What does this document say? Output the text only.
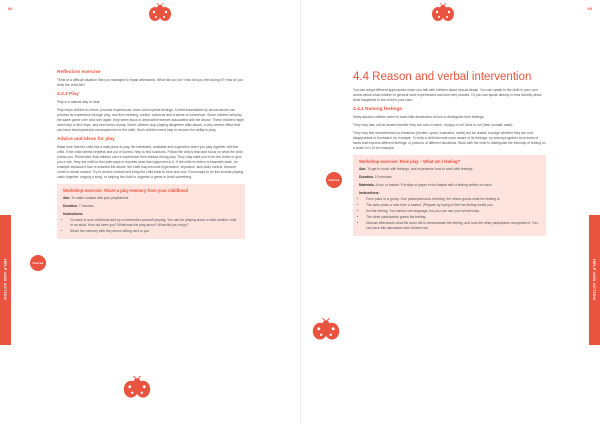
66
HELP AND ACTION	Exercise
Reflection exercise

Think of a difficult situation that you managed to repair afterwards. What did you do? How did you feel during it? How do you think the child felt?

4.3.3 Play

Play is a natural way to heal.

Play helps children to thrive, process experiences, learn and express feelings. A child traumatised by sexual abuse can process its experience through play, and find meaning, control, solutions and a sense of coherence. Some children will play the same game over and over again: they seem stuck in destructive themes associated with the abuse. These children might need help to find hope, and new forms of play. Some children stop playing altogether after abuse, a very severe effect that can have developmental consequences for the child. Such children need help to recover the ability to play.

Advice and ideas for play

Make sure that the child has a safe place to play. Be interested, available and supportive when you play together with the child. If the child seems helpless and out of control, help to find solutions. Follow the child's lead and focus on what the child shows you. Remember that children can re-experience their trauma during play. They may want you to be the victim or give you a role. Help the child to find safe ways to express what has happened to it. If the child re-enters a traumatic state, for example because it has re-enacted the abuse, the child may become hyperactive, impulsive, lack body control, become numb or break contact. Try to restore contact and bring the child back to here and now. Good ways to do this include playing catch together, singing a song, or helping the child to organise a game or build something.

Workshop exercise: Share a play-memory from your childhood

Aim. To make contact with your playfulness.

Duration. 7 minutes.

Instructions.

• Go back to your childhood and try to remember yourself playing. You can be playing alone or with another child or an adult. How old were you? What was the play about? What did you enjoy?
• Share the memory with the person sitting next to you.
69
HELP AND ACTION
Exercise
4.4 Reason and verbal intervention

You can adopt different approaches when you talk with children about sexual abuse. You can speak to the child in your own words about what children in general have experienced and how they reacted. Or you can speak directly or less directly about what happened to the child in your care.

4.4.1 Naming feelings

Many abused children seem to have little awareness of how to distinguish their feelings.

They may also not be aware whether they are cold or warm, hungry or full, tired or not (their somatic state).

They may feel overwhelmed by emotions (excited, upset, frustrated, numb) but be unable to judge whether they are hurt, disappointed or frustrated, for example. To help a child become more aware of its feelings, try looking together at pictures of faces that express different feelings, or pictures of different situations. Work with the child to distinguish the intensity of feeling on a scale of 0-10 for example.

Workshop exercise: Role play – What am I feeling?

Aim. To get in touch with feelings, and experience how to work with feelings.

Duration. 10 minutes.

Materials. A box or basket. Put slips of paper in the basket with a feeling written on each.

Instructions:

• Form pairs or a group. One participant acts a feeling; the others guess what the feeling is.
• The actor picks a note from a basket. (Prepare by trying to feel the feeling inside you.
• Act the feeling. You cannot use language, but you can use your whole body.
• The other participants guess the feeling.
• Discuss afterwards what the actor did to demonstrate the feeling, and how the other participants recognised it. You can have this discussion with children too.
